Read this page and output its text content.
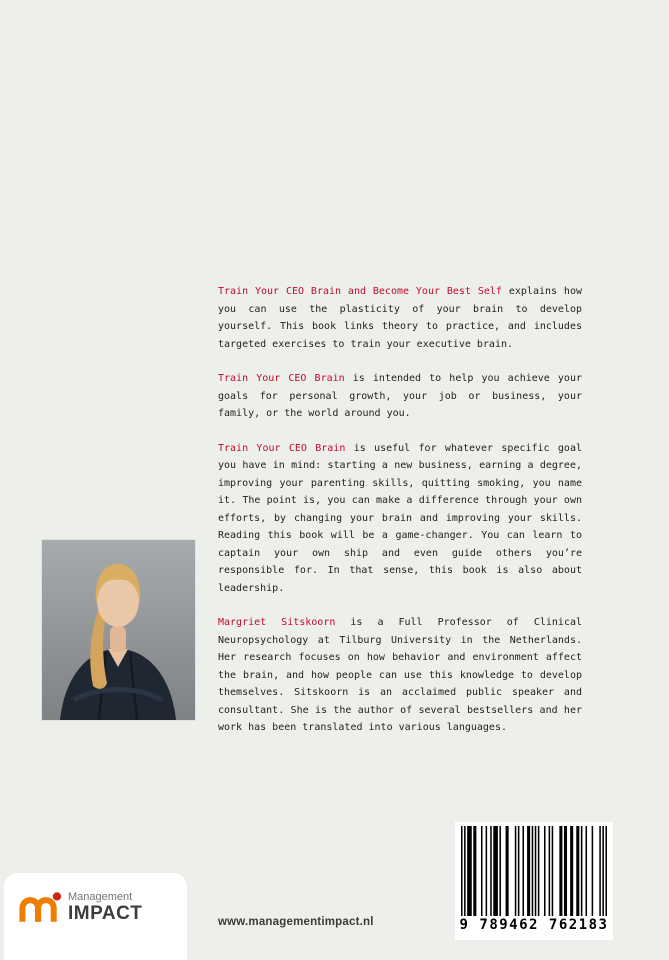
Train Your CEO Brain and Become Your Best Self explains how you can use the plasticity of your brain to develop yourself. This book links theory to practice, and includes targeted exercises to train your executive brain.

Train Your CEO Brain is intended to help you achieve your goals for personal growth, your job or business, your family, or the world around you.

Train Your CEO Brain is useful for whatever specific goal you have in mind: starting a new business, earning a degree, improving your parenting skills, quitting smoking, you name it. The point is, you can make a difference through your own efforts, by changing your brain and improving your skills. Reading this book will be a game-changer. You can learn to captain your own ship and even guide others you’re responsible for. In that sense, this book is also about leadership.

Margriet Sitskoorn is a Full Professor of Clinical Neuropsychology at Tilburg University in the Netherlands. Her research focuses on how behavior and environment affect the brain, and how people can use this knowledge to develop themselves. Sitskoorn is an acclaimed public speaker and consultant. She is the author of several bestsellers and her work has been translated into various languages.

Management
IMPACT	www.managementimpact.nl	9 789462 762183
